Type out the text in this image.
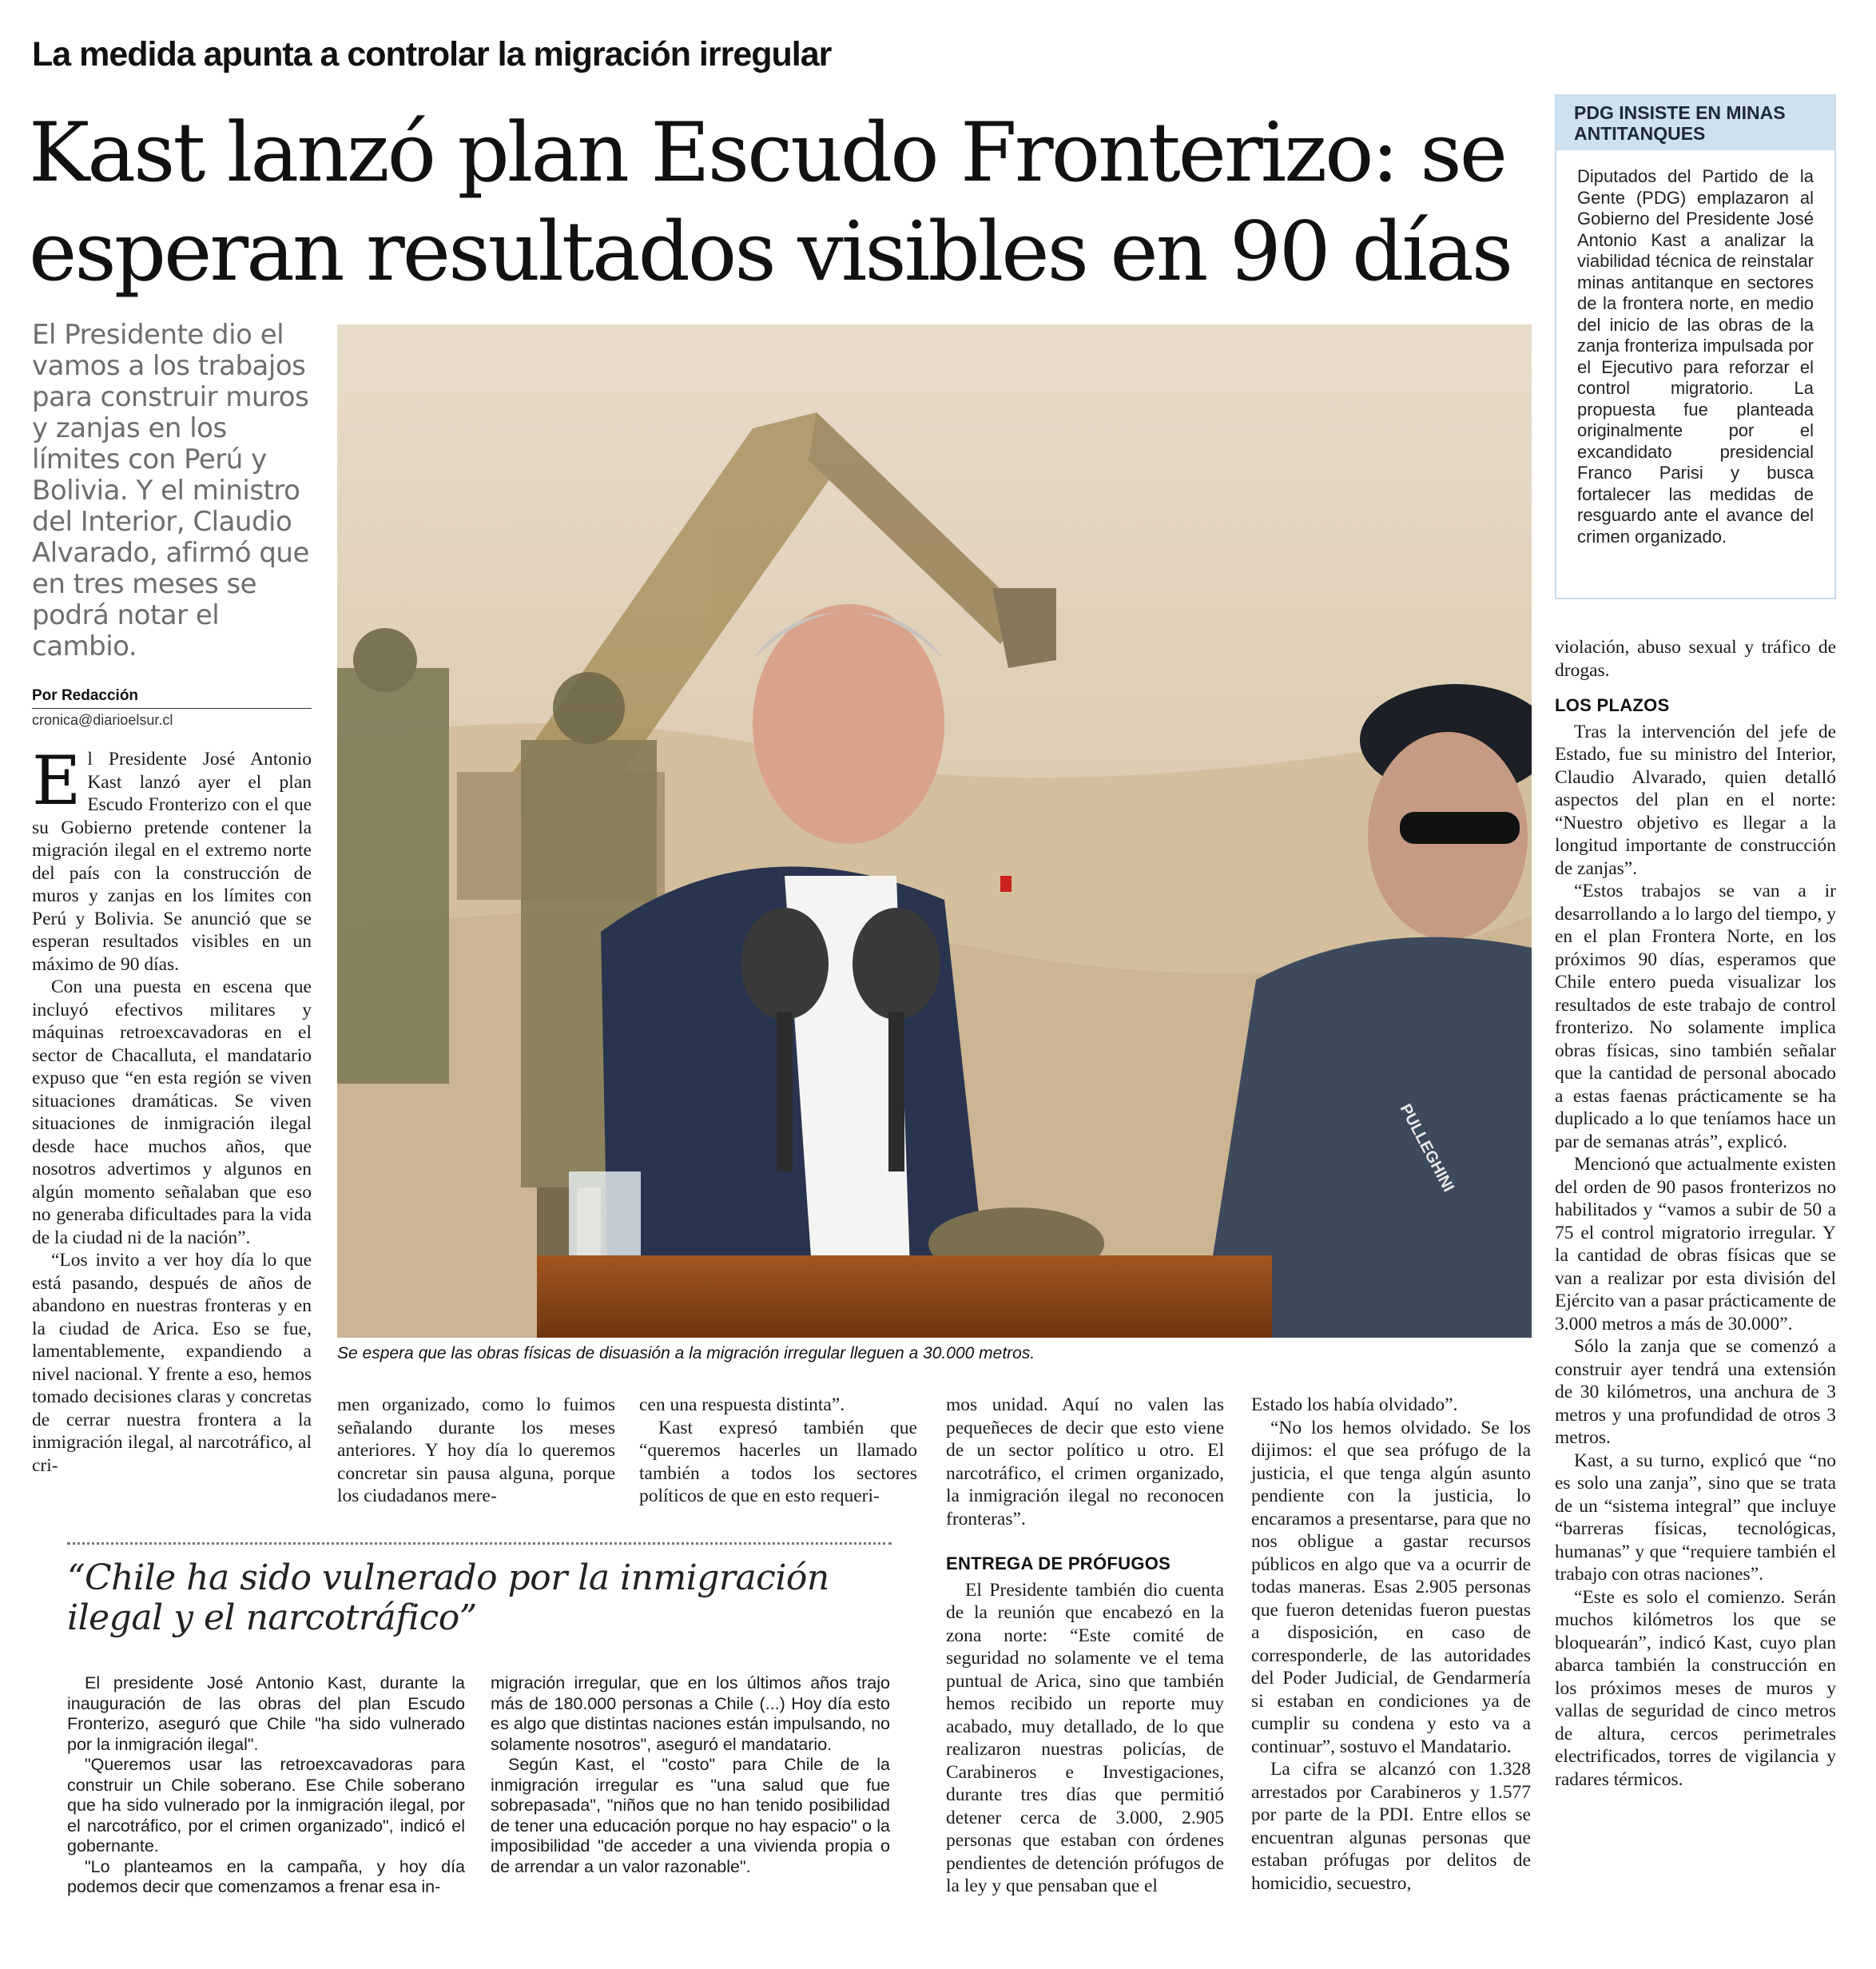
La medida apunta a controlar la migración irregular
Kast lanzó plan Escudo Fronterizo: se
esperan resultados visibles en 90 días
El Presidente dio el vamos a los trabajos para construir muros y zanjas en los límites con Perú y Bolivia. Y el ministro del Interior, Claudio Alvarado, afirmó que en tres meses se podrá notar el cambio.
Por Redacción
cronica@diarioelsur.cl
PULLEGHINI
Se espera que las obras físicas de disuasión a la migración irregular lleguen a 30.000 metros.
PDG INSISTE EN MINAS ANTITANQUES
Diputados del Partido de la Gente (PDG) emplazaron al Gobierno del Presidente José Antonio Kast a analizar la viabilidad técnica de reinstalar minas antitanque en sectores de la frontera norte, en medio del inicio de las obras de la zanja fronteriza impulsada por el Ejecutivo para reforzar el control migratorio. La propuesta fue planteada originalmente por el excandidato presidencial Franco Parisi y busca fortalecer las medidas de resguardo ante el avance del crimen organizado.

El Presidente José Antonio Kast lanzó ayer el plan Escudo Fronterizo con el que su Gobierno pretende contener la migración ilegal en el extremo norte del país con la construcción de muros y zanjas en los límites con Perú y Bolivia. Se anunció que se esperan resultados visibles en un máximo de 90 días.

Con una puesta en escena que incluyó efectivos militares y máquinas retroexcavadoras en el sector de Chacalluta, el mandatario expuso que “en esta región se viven situaciones dramáticas. Se viven situaciones de inmigración ilegal desde hace muchos años, que nosotros advertimos y algunos en algún momento señalaban que eso no generaba dificultades para la vida de la ciudad ni de la nación”.

“Los invito a ver hoy día lo que está pasando, después de años de abandono en nuestras fronteras y en la ciudad de Arica. Eso se fue, lamentablemente, expandiendo a nivel nacional. Y frente a eso, hemos tomado decisiones claras y concretas de cerrar nuestra frontera a la inmigración ilegal, al narcotráfico, al cri-

men organizado, como lo fuimos señalando durante los meses anteriores. Y hoy día lo queremos concretar sin pausa alguna, porque los ciudadanos mere-

cen una respuesta distinta”.

Kast expresó también que “queremos hacerles un llamado también a todos los sectores políticos de que en esto requeri-

“Chile ha sido vulnerado por la inmigración ilegal y el narcotráfico”

El presidente José Antonio Kast, durante la inauguración de las obras del plan Escudo Fronterizo, aseguró que Chile "ha sido vulnerado por la inmigración ilegal".

"Queremos usar las retroexcavadoras para construir un Chile soberano. Ese Chile soberano que ha sido vulnerado por la inmigración ilegal, por el narcotráfico, por el crimen organizado", indicó el gobernante.

"Lo planteamos en la campaña, y hoy día podemos decir que comenzamos a frenar esa in-

migración irregular, que en los últimos años trajo más de 180.000 personas a Chile (...) Hoy día esto es algo que distintas naciones están impulsando, no solamente nosotros", aseguró el mandatario.

Según Kast, el "costo" para Chile de la inmigración irregular es "una salud que fue sobrepasada", "niños que no han tenido posibilidad de tener una educación porque no hay espacio" o la imposibilidad "de acceder a una vivienda propia o de arrendar a un valor razonable".

mos unidad. Aquí no valen las pequeñeces de decir que esto viene de un sector político u otro. El narcotráfico, el crimen organizado, la inmigración ilegal no reconocen fronteras”.

ENTREGA DE PRÓFUGOS

El Presidente también dio cuenta de la reunión que encabezó en la zona norte: “Este comité de seguridad no solamente ve el tema puntual de Arica, sino que también hemos recibido un reporte muy acabado, muy detallado, de lo que realizaron nuestras policías, de Carabineros e Investigaciones, durante tres días que permitió detener cerca de 3.000, 2.905 personas que estaban con órdenes pendientes de detención prófugos de la ley y que pensaban que el

Estado los había olvidado”.

“No los hemos olvidado. Se los dijimos: el que sea prófugo de la justicia, el que tenga algún asunto pendiente con la justicia, lo encaramos a presentarse, para que no nos obligue a gastar recursos públicos en algo que va a ocurrir de todas maneras. Esas 2.905 personas que fueron detenidas fueron puestas a disposición, en caso de corresponderle, de las autoridades del Poder Judicial, de Gendarmería si estaban en condiciones ya de cumplir su condena y esto va a continuar”, sostuvo el Mandatario.

La cifra se alcanzó con 1.328 arrestados por Carabineros y 1.577 por parte de la PDI. Entre ellos se encuentran algunas personas que estaban prófugas por delitos de homicidio, secuestro,

violación, abuso sexual y tráfico de drogas.

LOS PLAZOS

Tras la intervención del jefe de Estado, fue su ministro del Interior, Claudio Alvarado, quien detalló aspectos del plan en el norte: “Nuestro objetivo es llegar a la longitud importante de construcción de zanjas”.

“Estos trabajos se van a ir desarrollando a lo largo del tiempo, y en el plan Frontera Norte, en los próximos 90 días, esperamos que Chile entero pueda visualizar los resultados de este trabajo de control fronterizo. No solamente implica obras físicas, sino también señalar que la cantidad de personal abocado a estas faenas prácticamente se ha duplicado a lo que teníamos hace un par de semanas atrás”, explicó.

Mencionó que actualmente existen del orden de 90 pasos fronterizos no habilitados y “vamos a subir de 50 a 75 el control migratorio irregular. Y la cantidad de obras físicas que se van a realizar por esta división del Ejército van a pasar prácticamente de 3.000 metros a más de 30.000”.

Sólo la zanja que se comenzó a construir ayer tendrá una extensión de 30 kilómetros, una anchura de 3 metros y una profundidad de otros 3 metros.

Kast, a su turno, explicó que “no es solo una zanja”, sino que se trata de un “sistema integral” que incluye “barreras físicas, tecnológicas, humanas” y que “requiere también el trabajo con otras naciones”.

“Este es solo el comienzo. Serán muchos kilómetros los que se bloquearán”, indicó Kast, cuyo plan abarca también la construcción en los próximos meses de muros y vallas de seguridad de cinco metros de altura, cercos perimetrales electrificados, torres de vigilancia y radares térmicos.
